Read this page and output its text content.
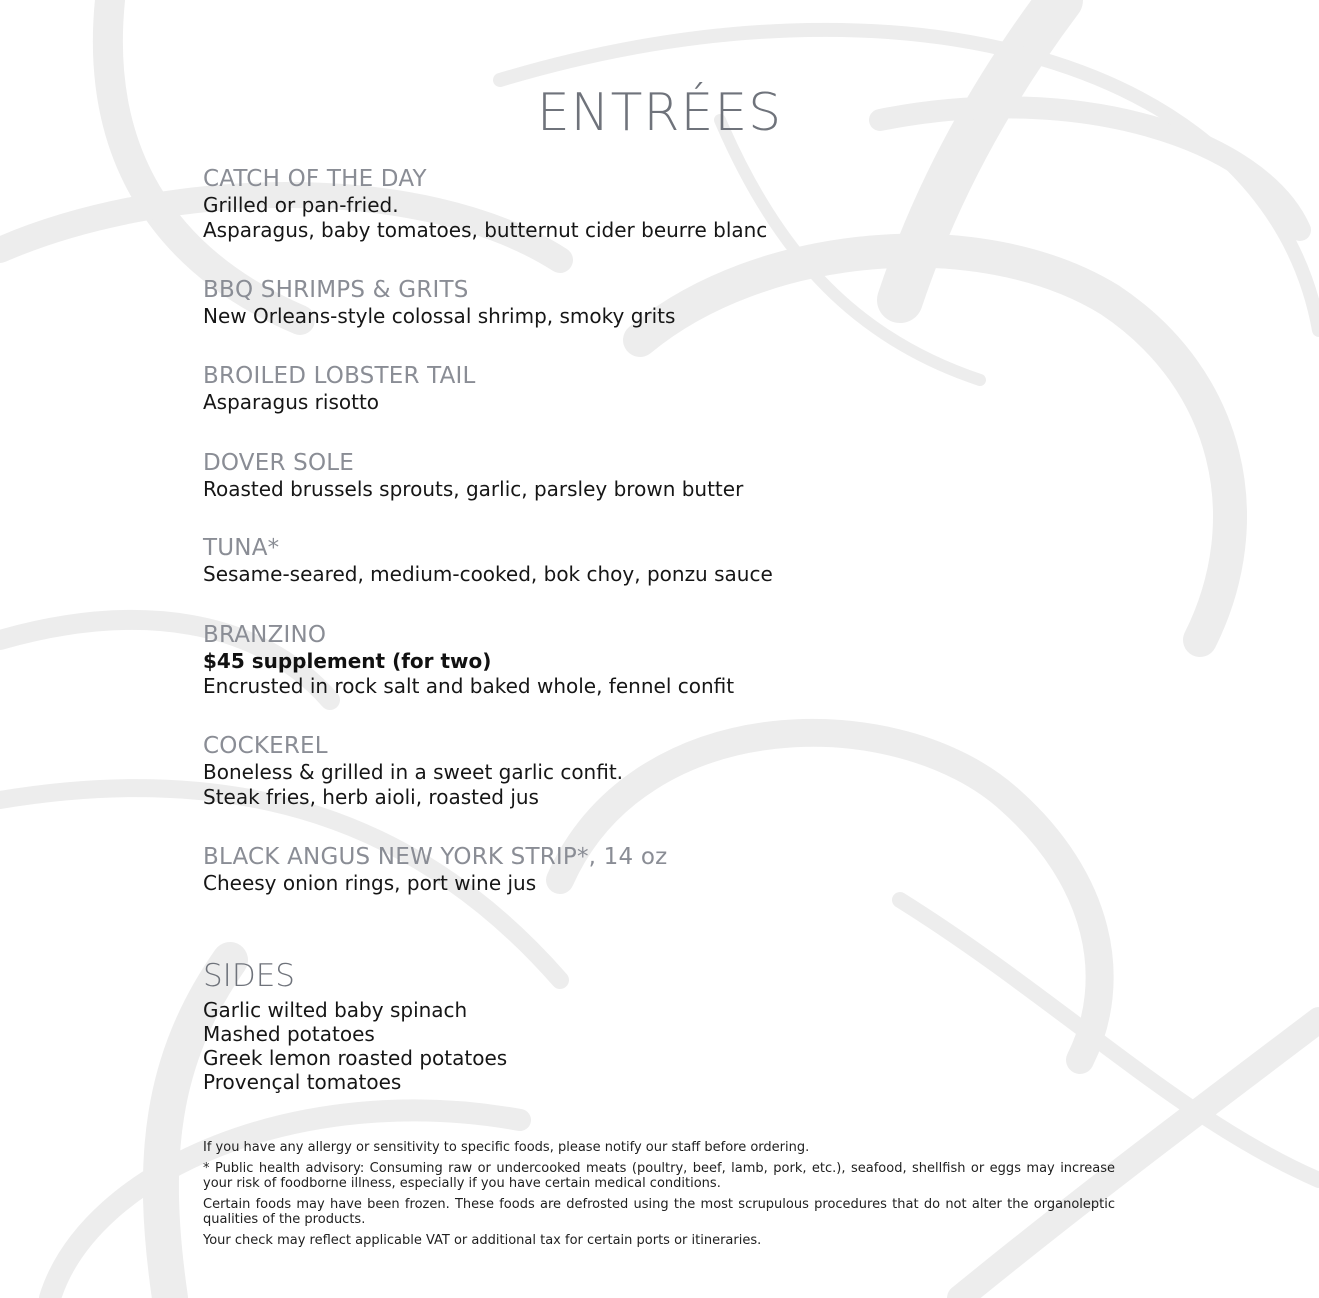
ENTRÉES
CATCH OF THE DAY
Grilled or pan-fried.
Asparagus, baby tomatoes, butternut cider beurre blanc
BBQ SHRIMPS & GRITS
New Orleans-style colossal shrimp, smoky grits
BROILED LOBSTER TAIL
Asparagus risotto
DOVER SOLE
Roasted brussels sprouts, garlic, parsley brown butter
TUNA*
Sesame-seared, medium-cooked, bok choy, ponzu sauce
BRANZINO
$45 supplement (for two)
Encrusted in rock salt and baked whole, fennel confit
COCKEREL
Boneless & grilled in a sweet garlic confit.
Steak fries, herb aioli, roasted jus
BLACK ANGUS NEW YORK STRIP*, 14 oz
Cheesy onion rings, port wine jus
SIDES
Garlic wilted baby spinach
Mashed potatoes
Greek lemon roasted potatoes
Provençal tomatoes

If you have any allergy or sensitivity to specific foods, please notify our staff before ordering.

* Public health advisory: Consuming raw or undercooked meats (poultry, beef, lamb, pork, etc.), seafood, shellfish or eggs may increase your risk of foodborne illness, especially if you have certain medical conditions.

Certain foods may have been frozen. These foods are defrosted using the most scrupulous procedures that do not alter the organoleptic qualities of the products.

Your check may reflect applicable VAT or additional tax for certain ports or itineraries.
